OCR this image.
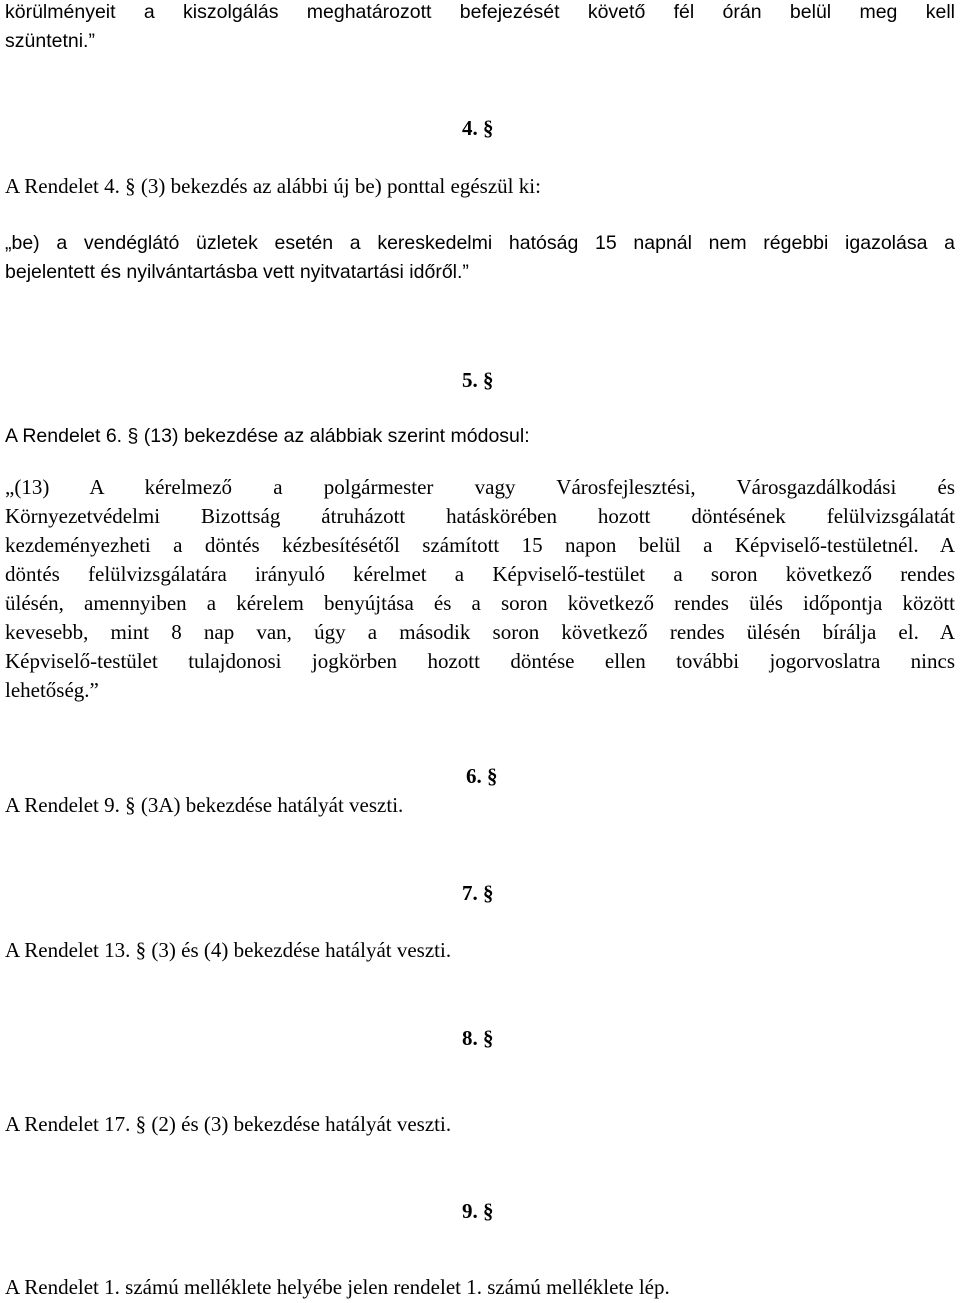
körülményeit a kiszolgálás meghatározott befejezését követő fél órán belül meg kell
szüntetni.”
4. §
A Rendelet 4. § (3) bekezdés az alábbi új be) ponttal egészül ki:
„be) a vendéglátó üzletek esetén a kereskedelmi hatóság 15 napnál nem régebbi igazolása a
bejelentett és nyilvántartásba vett nyitvatartási időről.”
5. §
A Rendelet 6. § (13) bekezdése az alábbiak szerint módosul:
„(13) A kérelmező a polgármester vagy Városfejlesztési, Városgazdálkodási és
Környezetvédelmi Bizottság átruházott hatáskörében hozott döntésének felülvizsgálatát
kezdeményezheti a döntés kézbesítésétől számított 15 napon belül a Képviselő-testületnél. A
döntés felülvizsgálatára irányuló kérelmet a Képviselő-testület a soron következő rendes
ülésén, amennyiben a kérelem benyújtása és a soron következő rendes ülés időpontja között
kevesebb, mint 8 nap van, úgy a második soron következő rendes ülésén bírálja el. A
Képviselő-testület tulajdonosi jogkörben hozott döntése ellen további jogorvoslatra nincs
lehetőség.”
6. §
A Rendelet 9. § (3A) bekezdése hatályát veszti.
7. §
A Rendelet 13. § (3) és (4) bekezdése hatályát veszti.
8. §
A Rendelet 17. § (2) és (3) bekezdése hatályát veszti.
9. §
A Rendelet 1. számú melléklete helyébe jelen rendelet 1. számú melléklete lép.
